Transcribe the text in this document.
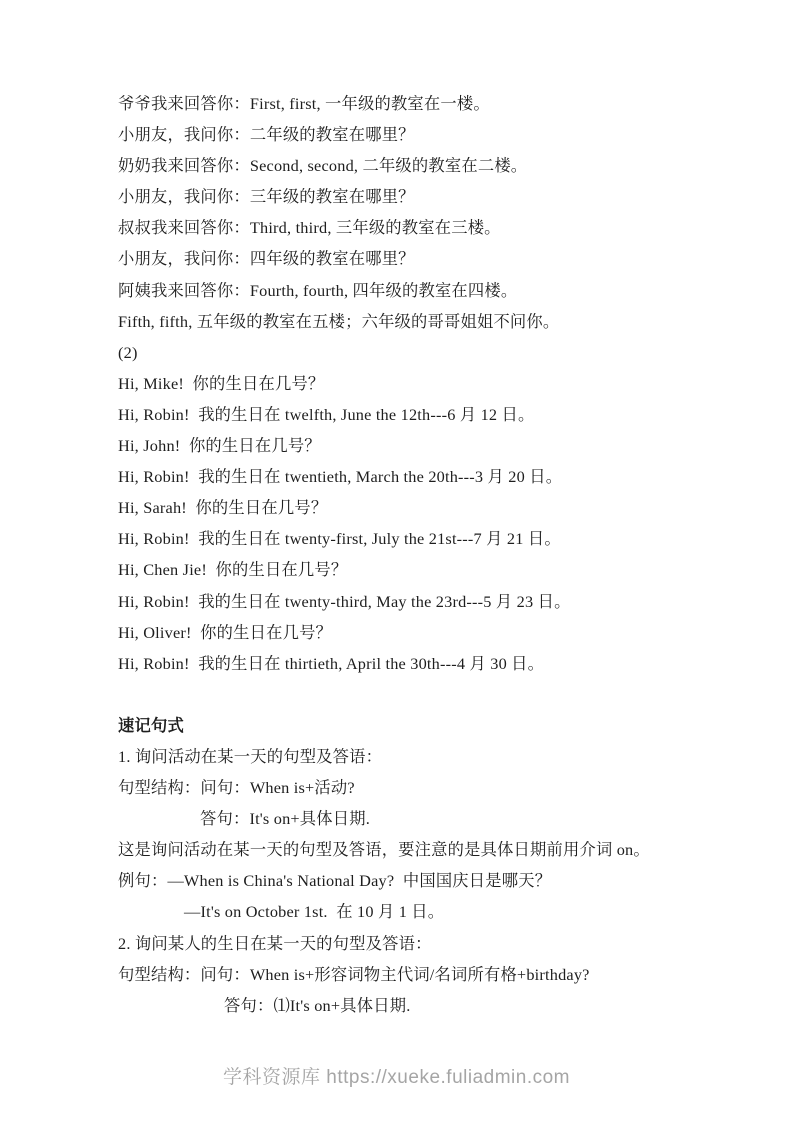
爷爷我来回答你：First, first, 一年级的教室在一楼。

小朋友，我问你：二年级的教室在哪里？

奶奶我来回答你：Second, second, 二年级的教室在二楼。

小朋友，我问你：三年级的教室在哪里？

叔叔我来回答你：Third, third, 三年级的教室在三楼。

小朋友，我问你：四年级的教室在哪里？

阿姨我来回答你：Fourth, fourth, 四年级的教室在四楼。

Fifth, fifth, 五年级的教室在五楼；六年级的哥哥姐姐不问你。

(2)

Hi, Mike!  你的生日在几号？

Hi, Robin!  我的生日在 twelfth, June the 12th---6 月 12 日。

Hi, John!  你的生日在几号？

Hi, Robin!  我的生日在 twentieth, March the 20th---3 月 20 日。

Hi, Sarah!  你的生日在几号？

Hi, Robin!  我的生日在 twenty-first, July the 21st---7 月 21 日。

Hi, Chen Jie!  你的生日在几号？

Hi, Robin!  我的生日在 twenty-third, May the 23rd---5 月 23 日。

Hi, Oliver!  你的生日在几号？

Hi, Robin!  我的生日在 thirtieth, April the 30th---4 月 30 日。

速记句式

1. 询问活动在某一天的句型及答语：

句型结构：问句：When is+活动?

答句：It's on+具体日期.

这是询问活动在某一天的句型及答语，要注意的是具体日期前用介词 on。

例句：—When is China's National Day?  中国国庆日是哪天？

—It's on October 1st.  在 10 月 1 日。

2. 询问某人的生日在某一天的句型及答语：

句型结构：问句：When is+形容词物主代词/名词所有格+birthday?

答句：⑴It's on+具体日期.

学科资源库 https://xueke.fuliadmin.com
